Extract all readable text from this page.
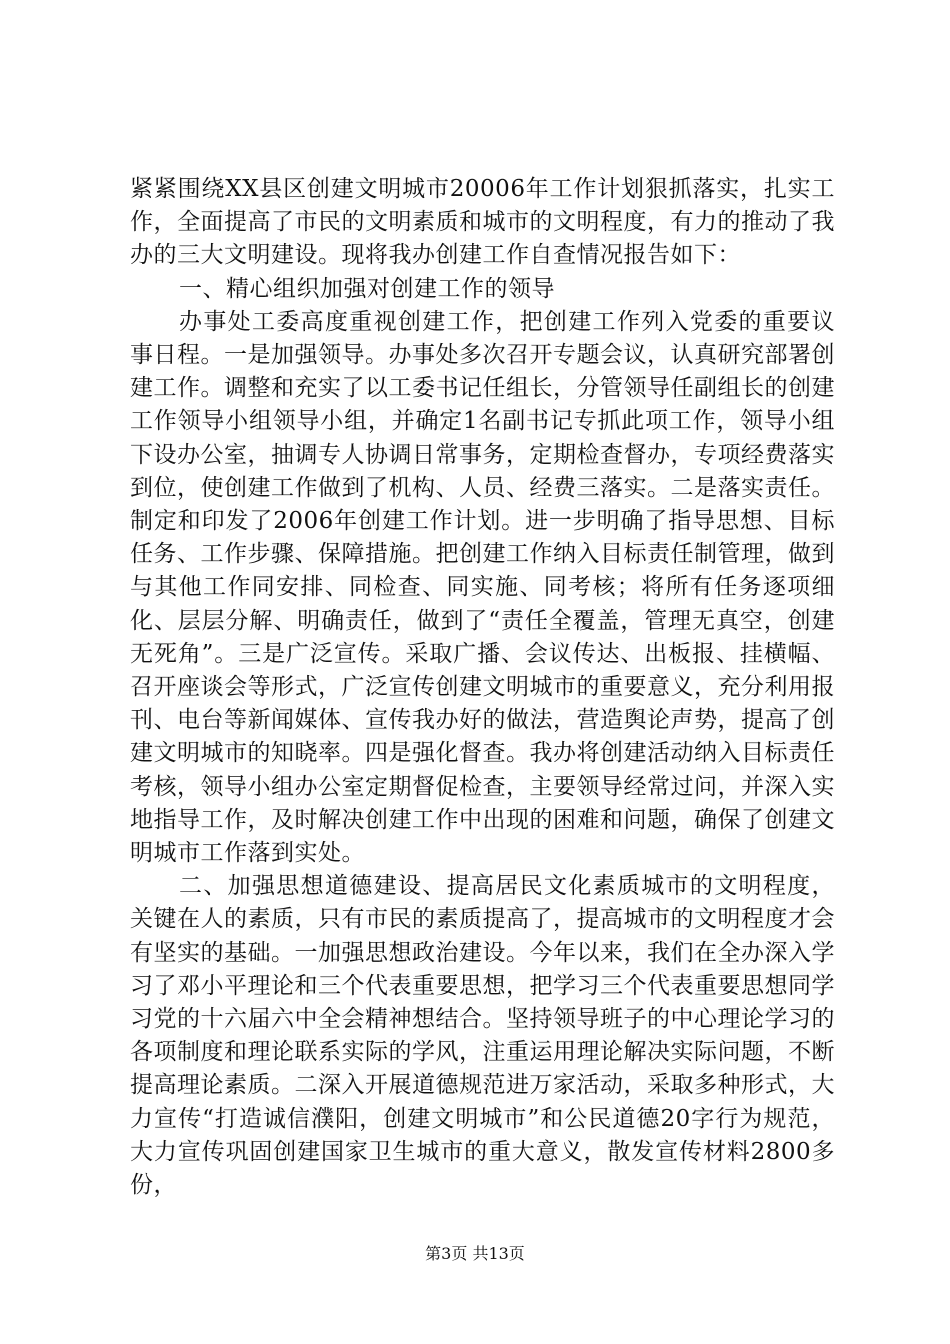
紧紧围绕XX县区创建文明城市20006年工作计划狠抓落实，扎实工作，全面提高了市民的文明素质和城市的文明程度，有力的推动了我办的三大文明建设。现将我办创建工作自查情况报告如下：

一、精心组织加强对创建工作的领导

办事处工委高度重视创建工作，把创建工作列入党委的重要议事日程。一是加强领导。办事处多次召开专题会议，认真研究部署创建工作。调整和充实了以工委书记任组长，分管领导任副组长的创建工作领导小组领导小组，并确定1名副书记专抓此项工作，领导小组下设办公室，抽调专人协调日常事务，定期检查督办，专项经费落实到位，使创建工作做到了机构、人员、经费三落实。二是落实责任。制定和印发了2006年创建工作计划。进一步明确了指导思想、目标任务、工作步骤、保障措施。把创建工作纳入目标责任制管理，做到与其他工作同安排、同检查、同实施、同考核；将所有任务逐项细化、层层分解、明确责任，做到了“责任全覆盖，管理无真空，创建无死角”。三是广泛宣传。采取广播、会议传达、出板报、挂横幅、召开座谈会等形式，广泛宣传创建文明城市的重要意义，充分利用报刊、电台等新闻媒体、宣传我办好的做法，营造舆论声势，提高了创建文明城市的知晓率。四是强化督查。我办将创建活动纳入目标责任考核，领导小组办公室定期督促检查，主要领导经常过问，并深入实地指导工作，及时解决创建工作中出现的困难和问题，确保了创建文明城市工作落到实处。

二、加强思想道德建设、提高居民文化素质城市的文明程度，关键在人的素质，只有市民的素质提高了，提高城市的文明程度才会有坚实的基础。一加强思想政治建设。今年以来，我们在全办深入学习了邓小平理论和三个代表重要思想，把学习三个代表重要思想同学习党的十六届六中全会精神想结合。坚持领导班子的中心理论学习的各项制度和理论联系实际的学风，注重运用理论解决实际问题，不断提高理论素质。二深入开展道德规范进万家活动，采取多种形式，大力宣传“打造诚信濮阳，创建文明城市”和公民道德20字行为规范，大力宣传巩固创建国家卫生城市的重大意义，散发宣传材料2800多份，

第3页 共13页
